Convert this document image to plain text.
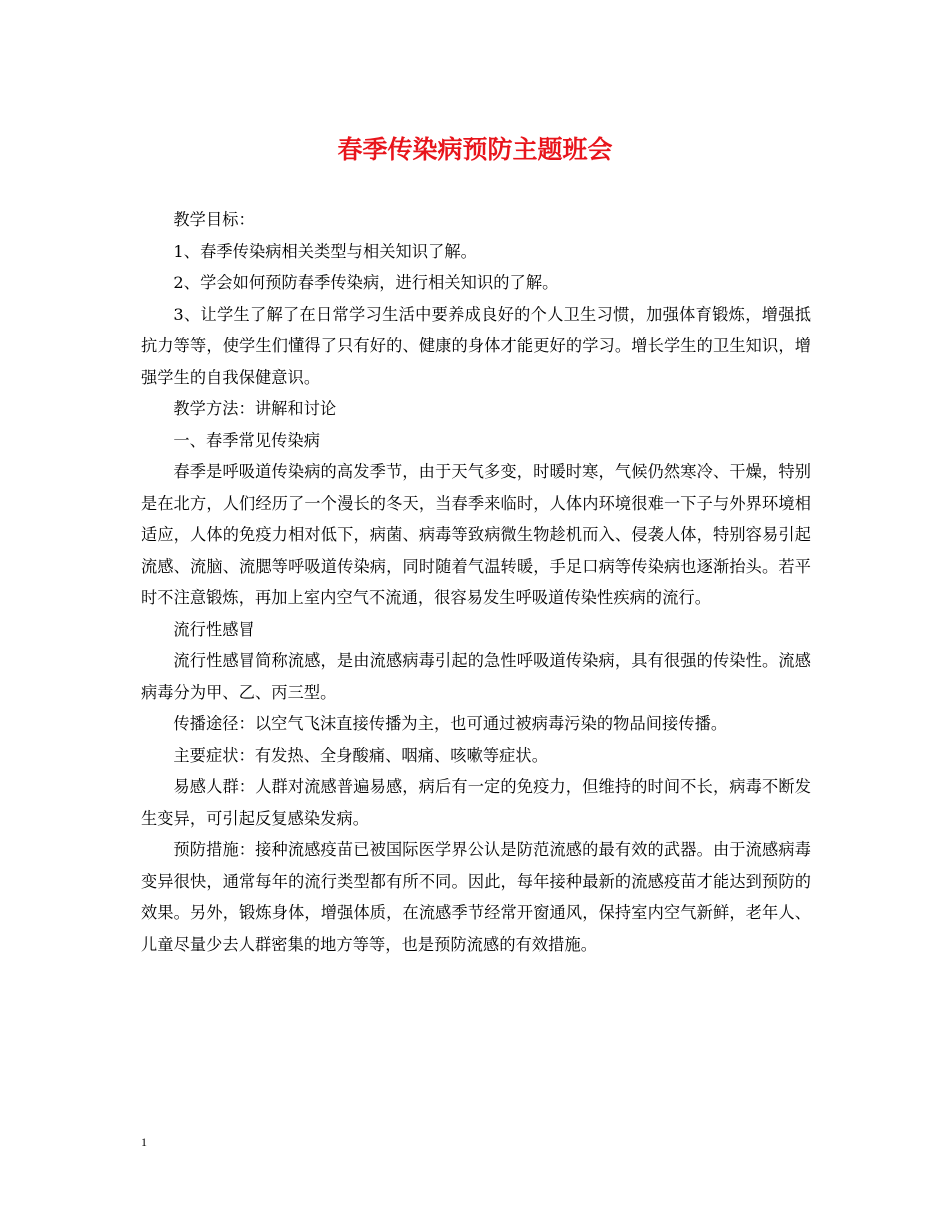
春季传染病预防主题班会

教学目标：

1、春季传染病相关类型与相关知识了解。

2、学会如何预防春季传染病，进行相关知识的了解。

3、让学生了解了在日常学习生活中要养成良好的个人卫生习惯，加强体育锻炼，增强抵抗力等等，使学生们懂得了只有好的、健康的身体才能更好的学习。增长学生的卫生知识，增强学生的自我保健意识。

教学方法：讲解和讨论

一、春季常见传染病

春季是呼吸道传染病的高发季节，由于天气多变，时暖时寒，气候仍然寒冷、干燥，特别是在北方，人们经历了一个漫长的冬天，当春季来临时，人体内环境很难一下子与外界环境相适应，人体的免疫力相对低下，病菌、病毒等致病微生物趁机而入、侵袭人体，特别容易引起流感、流脑、流腮等呼吸道传染病，同时随着气温转暖，手足口病等传染病也逐渐抬头。若平时不注意锻炼，再加上室内空气不流通，很容易发生呼吸道传染性疾病的流行。

流行性感冒

流行性感冒简称流感，是由流感病毒引起的急性呼吸道传染病，具有很强的传染性。流感病毒分为甲、乙、丙三型。

传播途径：以空气飞沫直接传播为主，也可通过被病毒污染的物品间接传播。

主要症状：有发热、全身酸痛、咽痛、咳嗽等症状。

易感人群：人群对流感普遍易感，病后有一定的免疫力，但维持的时间不长，病毒不断发生变异，可引起反复感染发病。

预防措施：接种流感疫苗已被国际医学界公认是防范流感的最有效的武器。由于流感病毒变异很快，通常每年的流行类型都有所不同。因此，每年接种最新的流感疫苗才能达到预防的效果。另外，锻炼身体，增强体质，在流感季节经常开窗通风，保持室内空气新鲜，老年人、儿童尽量少去人群密集的地方等等，也是预防流感的有效措施。

1
